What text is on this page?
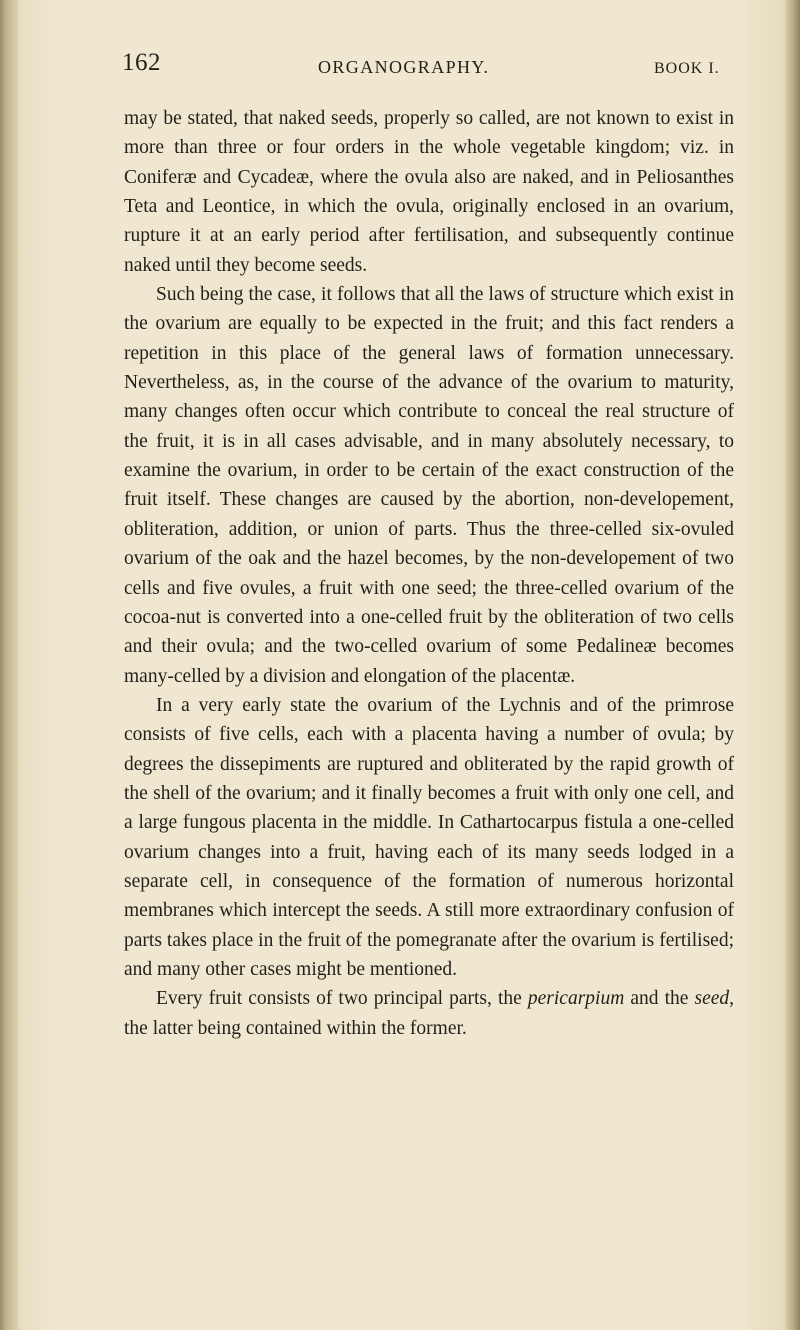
162	ORGANOGRAPHY.	BOOK I.

may be stated, that naked seeds, properly so called, are not known to exist in more than three or four orders in the whole vegetable kingdom; viz. in Coniferæ and Cycadeæ, where the ovula also are naked, and in Peliosanthes Teta and Leontice, in which the ovula, originally enclosed in an ovarium, rupture it at an early period after fertilisation, and subsequently continue naked until they become seeds.

Such being the case, it follows that all the laws of structure which exist in the ovarium are equally to be expected in the fruit; and this fact renders a repetition in this place of the general laws of formation unnecessary. Nevertheless, as, in the course of the advance of the ovarium to maturity, many changes often occur which contribute to conceal the real structure of the fruit, it is in all cases advisable, and in many absolutely necessary, to examine the ovarium, in order to be certain of the exact construction of the fruit itself. These changes are caused by the abortion, non-developement, obliteration, addition, or union of parts. Thus the three-celled six-ovuled ovarium of the oak and the hazel becomes, by the non-developement of two cells and five ovules, a fruit with one seed; the three-celled ovarium of the cocoa-nut is converted into a one-celled fruit by the obliteration of two cells and their ovula; and the two-celled ovarium of some Pedalineæ becomes many-celled by a division and elongation of the placentæ.

In a very early state the ovarium of the Lychnis and of the primrose consists of five cells, each with a placenta having a number of ovula; by degrees the dissepiments are ruptured and obliterated by the rapid growth of the shell of the ovarium; and it finally becomes a fruit with only one cell, and a large fungous placenta in the middle. In Cathartocarpus fistula a one-celled ovarium changes into a fruit, having each of its many seeds lodged in a separate cell, in consequence of the formation of numerous horizontal membranes which intercept the seeds. A still more extraordinary confusion of parts takes place in the fruit of the pomegranate after the ovarium is fertilised; and many other cases might be mentioned.

Every fruit consists of two principal parts, the pericarpium and the seed, the latter being contained within the former.
